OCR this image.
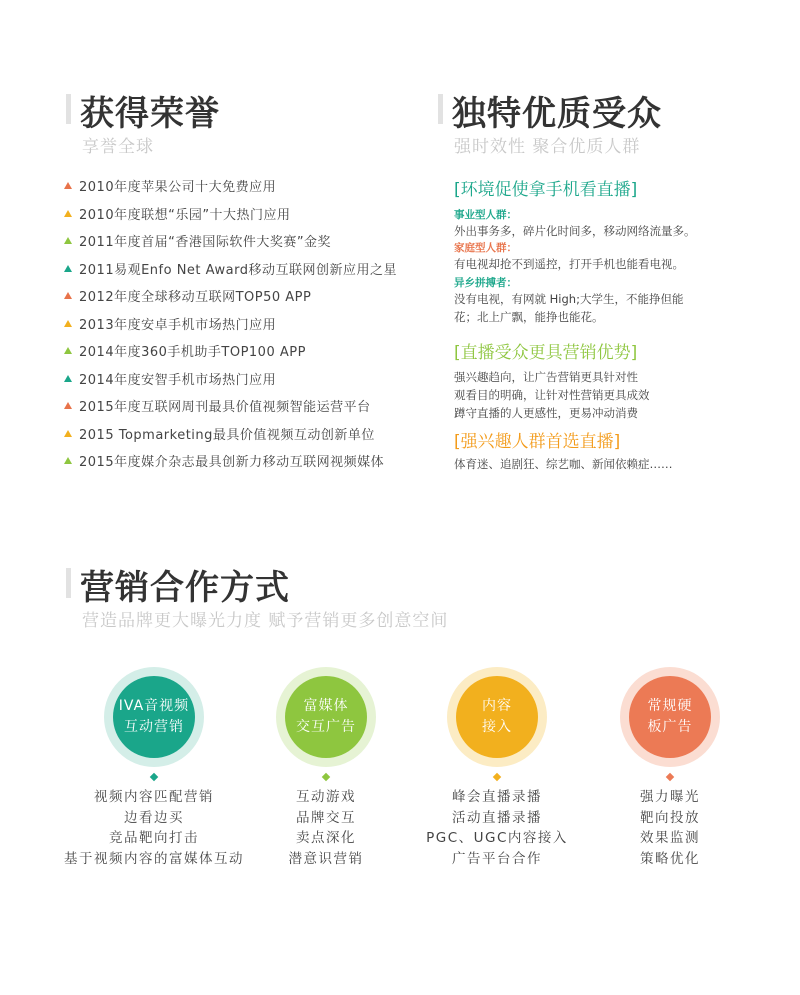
获得荣誉
享誉全球
2010年度苹果公司十大免费应用
2010年度联想“乐园”十大热门应用
2011年度首届“香港国际软件大奖赛”金奖
2011易观Enfo Net Award移动互联网创新应用之星
2012年度全球移动互联网TOP50 APP
2013年度安卓手机市场热门应用
2014年度360手机助手TOP100 APP
2014年度安智手机市场热门应用
2015年度互联网周刊最具价值视频智能运营平台
2015 Topmarketing最具价值视频互动创新单位
2015年度媒介杂志最具创新力移动互联网视频媒体
独特优质受众
强时效性 聚合优质人群
[环境促使拿手机看直播]
事业型人群：
外出事务多，碎片化时间多，移动网络流量多。
家庭型人群：
有电视却抢不到遥控，打开手机也能看电视。
异乡拼搏者：
没有电视，有网就 High;大学生，不能挣但能
花；北上广飘，能挣也能花。
[直播受众更具营销优势]
强兴趣趋向，让广告营销更具针对性
观看目的明确，让针对性营销更具成效
蹲守直播的人更感性，更易冲动消费
[强兴趣人群首选直播]
体育迷、追剧狂、综艺咖、新闻依赖症……
营销合作方式
营造品牌更大曝光力度 赋予营销更多创意空间
IVA音视频
互动营销
视频内容匹配营销
边看边买
竞品靶向打击
基于视频内容的富媒体互动
富媒体
交互广告
互动游戏
品牌交互
卖点深化
潜意识营销
内容
接入
峰会直播录播
活动直播录播
PGC、UGC内容接入
广告平台合作
常规硬
板广告
强力曝光
靶向投放
效果监测
策略优化
